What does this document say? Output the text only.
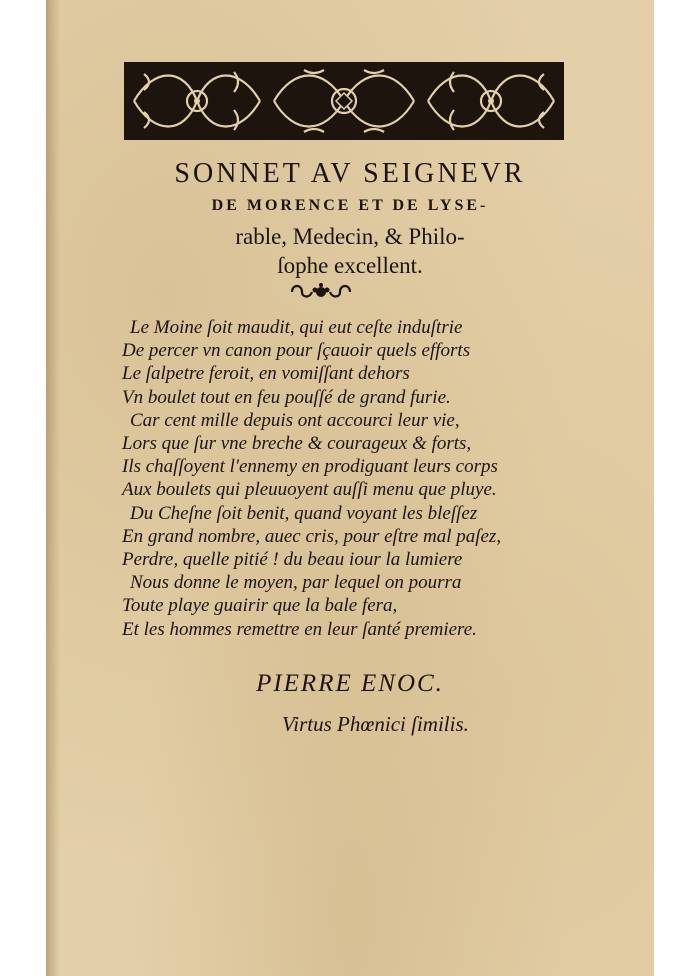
SONNET AV SEIGNEVR
DE MORENCE ET DE LYSE-
rable, Medecin, & Philo-
ſophe excellent.
Le Moine ſoit maudit, qui eut ceſte induſtrie
De percer vn canon pour ſçauoir quels efforts
Le ſalpetre feroit, en vomiſſant dehors
Vn boulet tout en feu pouſſé de grand furie.
Car cent mille depuis ont accourci leur vie,
Lors que ſur vne breche & courageux & forts,
Ils chaſſoyent l'ennemy en prodiguant leurs corps
Aux boulets qui pleuuoyent auſſi menu que pluye.
Du Cheſne ſoit benit, quand voyant les bleſſez
En grand nombre, auec cris, pour eſtre mal paſez,
Perdre, quelle pitié ! du beau iour la lumiere
Nous donne le moyen, par lequel on pourra
Toute playe guairir que la bale fera,
Et les hommes remettre en leur ſanté premiere.
PIERRE ENOC.
Virtus Phœnici ſimilis.
